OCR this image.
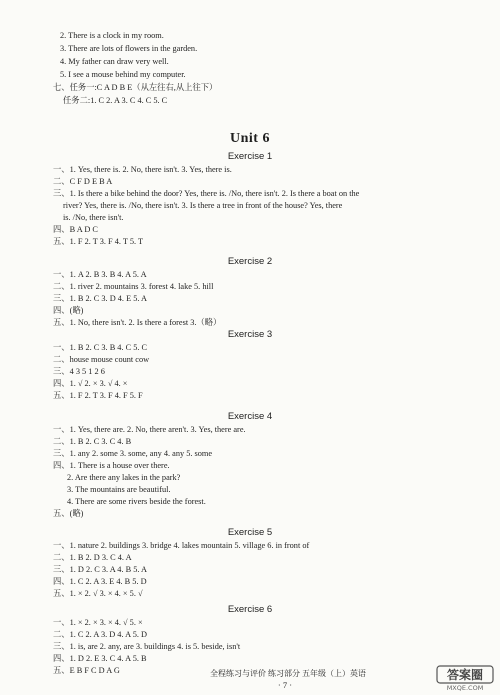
2. There is a clock in my room.
3. There are lots of flowers in the garden.
4. My father can draw very well.
5. I see a mouse behind my computer.
七、任务一:C A D B E（从左往右,从上往下）
任务二:1. C 2. A 3. C 4. C 5. C
Unit 6
Exercise 1
一、1. Yes, there is. 2. No, there isn't. 3. Yes, there is.
二、C F D E B A
三、1. Is there a bike behind the door? Yes, there is. /No, there isn't. 2. Is there a boat on the
river? Yes, there is. /No, there isn't. 3. Is there a tree in front of the house? Yes, there
is. /No, there isn't.
四、B A D C
五、1. F 2. T 3. F 4. T 5. T
Exercise 2
一、1. A 2. B 3. B 4. A 5. A
二、1. river 2. mountains 3. forest 4. lake 5. hill
三、1. B 2. C 3. D 4. E 5. A
四、(略)
五、1. No, there isn't. 2. Is there a forest 3.（略）
Exercise 3
一、1. B 2. C 3. B 4. C 5. C
二、house mouse count cow
三、4 3 5 1 2 6
四、1. √ 2. × 3. √ 4. ×
五、1. F 2. T 3. F 4. F 5. F
Exercise 4
一、1. Yes, there are. 2. No, there aren't. 3. Yes, there are.
二、1. B 2. C 3. C 4. B
三、1. any 2. some 3. some, any 4. any 5. some
四、1. There is a house over there.
2. Are there any lakes in the park?
3. The mountains are beautiful.
4. There are some rivers beside the forest.
五、(略)
Exercise 5
一、1. nature 2. buildings 3. bridge 4. lakes mountain 5. village 6. in front of
二、1. B 2. D 3. C 4. A
三、1. D 2. C 3. A 4. B 5. A
四、1. C 2. A 3. E 4. B 5. D
五、1. × 2. √ 3. × 4. × 5. √
Exercise 6
一、1. × 2. × 3. × 4. √ 5. ×
二、1. C 2. A 3. D 4. A 5. D
三、1. is, are 2. any, are 3. buildings 4. is 5. beside, isn't
四、1. D 2. E 3. C 4. A 5. B
五、E B F C D A G	全程练习与评价 练习部分 五年级（上）英语
· 7 ·
答案圈
MXQE.COM
